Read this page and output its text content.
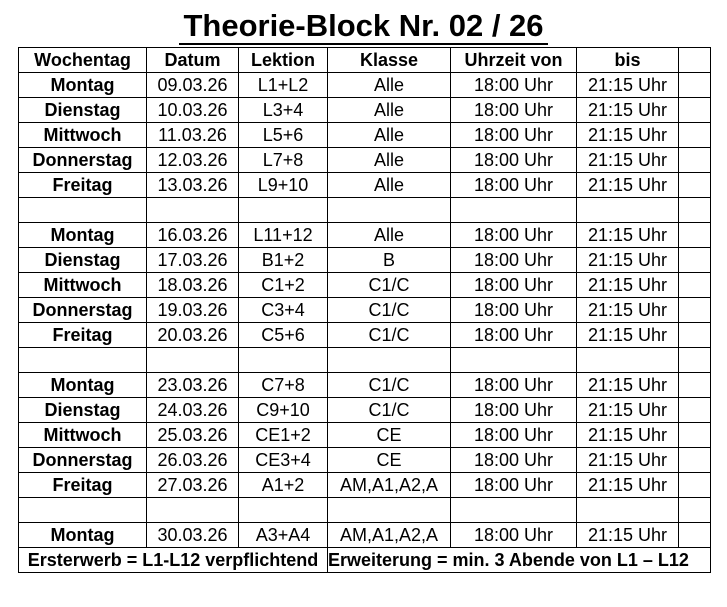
Theorie-Block Nr. 02 / 26
Wochentag	Datum	Lektion	Klasse	Uhrzeit von	bis	
Montag	09.03.26	L1+L2	Alle	18:00 Uhr	21:15 Uhr	
Dienstag	10.03.26	L3+4	Alle	18:00 Uhr	21:15 Uhr	
Mittwoch	11.03.26	L5+6	Alle	18:00 Uhr	21:15 Uhr	
Donnerstag	12.03.26	L7+8	Alle	18:00 Uhr	21:15 Uhr	
Freitag	13.03.26	L9+10	Alle	18:00 Uhr	21:15 Uhr	

Montag	16.03.26	L11+12	Alle	18:00 Uhr	21:15 Uhr	
Dienstag	17.03.26	B1+2	B	18:00 Uhr	21:15 Uhr	
Mittwoch	18.03.26	C1+2	C1/C	18:00 Uhr	21:15 Uhr	
Donnerstag	19.03.26	C3+4	C1/C	18:00 Uhr	21:15 Uhr	
Freitag	20.03.26	C5+6	C1/C	18:00 Uhr	21:15 Uhr	

Montag	23.03.26	C7+8	C1/C	18:00 Uhr	21:15 Uhr	
Dienstag	24.03.26	C9+10	C1/C	18:00 Uhr	21:15 Uhr	
Mittwoch	25.03.26	CE1+2	CE	18:00 Uhr	21:15 Uhr	
Donnerstag	26.03.26	CE3+4	CE	18:00 Uhr	21:15 Uhr	
Freitag	27.03.26	A1+2	AM,A1,A2,A	18:00 Uhr	21:15 Uhr	

Montag	30.03.26	A3+A4	AM,A1,A2,A	18:00 Uhr	21:15 Uhr	
Ersterwerb = L1-L12 verpflichtend			Erweiterung = min. 3 Abende von L1 – L12			
